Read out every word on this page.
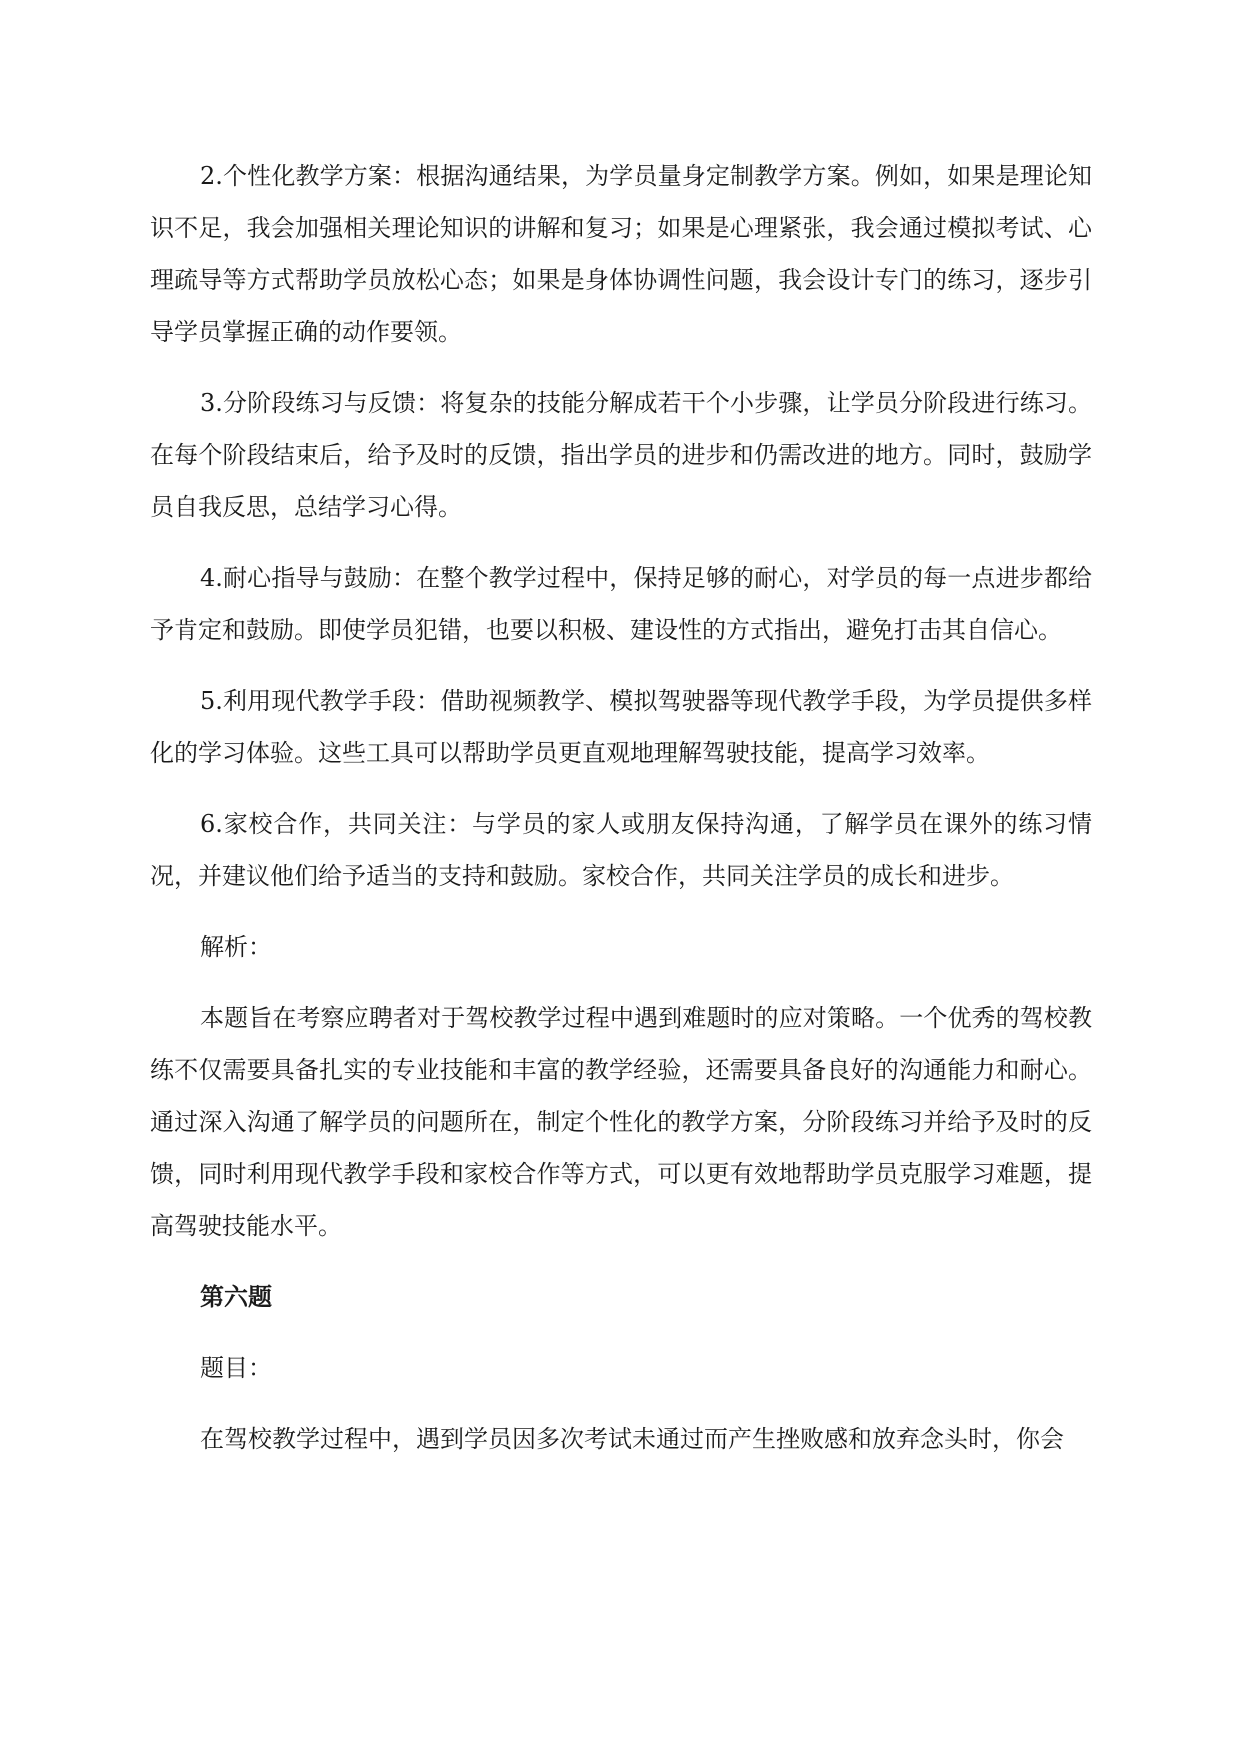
2.个性化教学方案：根据沟通结果，为学员量身定制教学方案。例如，如果是理论知识不足，我会加强相关理论知识的讲解和复习；如果是心理紧张，我会通过模拟考试、心理疏导等方式帮助学员放松心态；如果是身体协调性问题，我会设计专门的练习，逐步引导学员掌握正确的动作要领。

3.分阶段练习与反馈：将复杂的技能分解成若干个小步骤，让学员分阶段进行练习。在每个阶段结束后，给予及时的反馈，指出学员的进步和仍需改进的地方。同时，鼓励学员自我反思，总结学习心得。

4.耐心指导与鼓励：在整个教学过程中，保持足够的耐心，对学员的每一点进步都给予肯定和鼓励。即使学员犯错，也要以积极、建设性的方式指出，避免打击其自信心。

5.利用现代教学手段：借助视频教学、模拟驾驶器等现代教学手段，为学员提供多样化的学习体验。这些工具可以帮助学员更直观地理解驾驶技能，提高学习效率。

6.家校合作，共同关注：与学员的家人或朋友保持沟通，了解学员在课外的练习情况，并建议他们给予适当的支持和鼓励。家校合作，共同关注学员的成长和进步。

解析：

本题旨在考察应聘者对于驾校教学过程中遇到难题时的应对策略。一个优秀的驾校教练不仅需要具备扎实的专业技能和丰富的教学经验，还需要具备良好的沟通能力和耐心。通过深入沟通了解学员的问题所在，制定个性化的教学方案，分阶段练习并给予及时的反馈，同时利用现代教学手段和家校合作等方式，可以更有效地帮助学员克服学习难题，提高驾驶技能水平。

第六题

题目：

在驾校教学过程中，遇到学员因多次考试未通过而产生挫败感和放弃念头时，你会
